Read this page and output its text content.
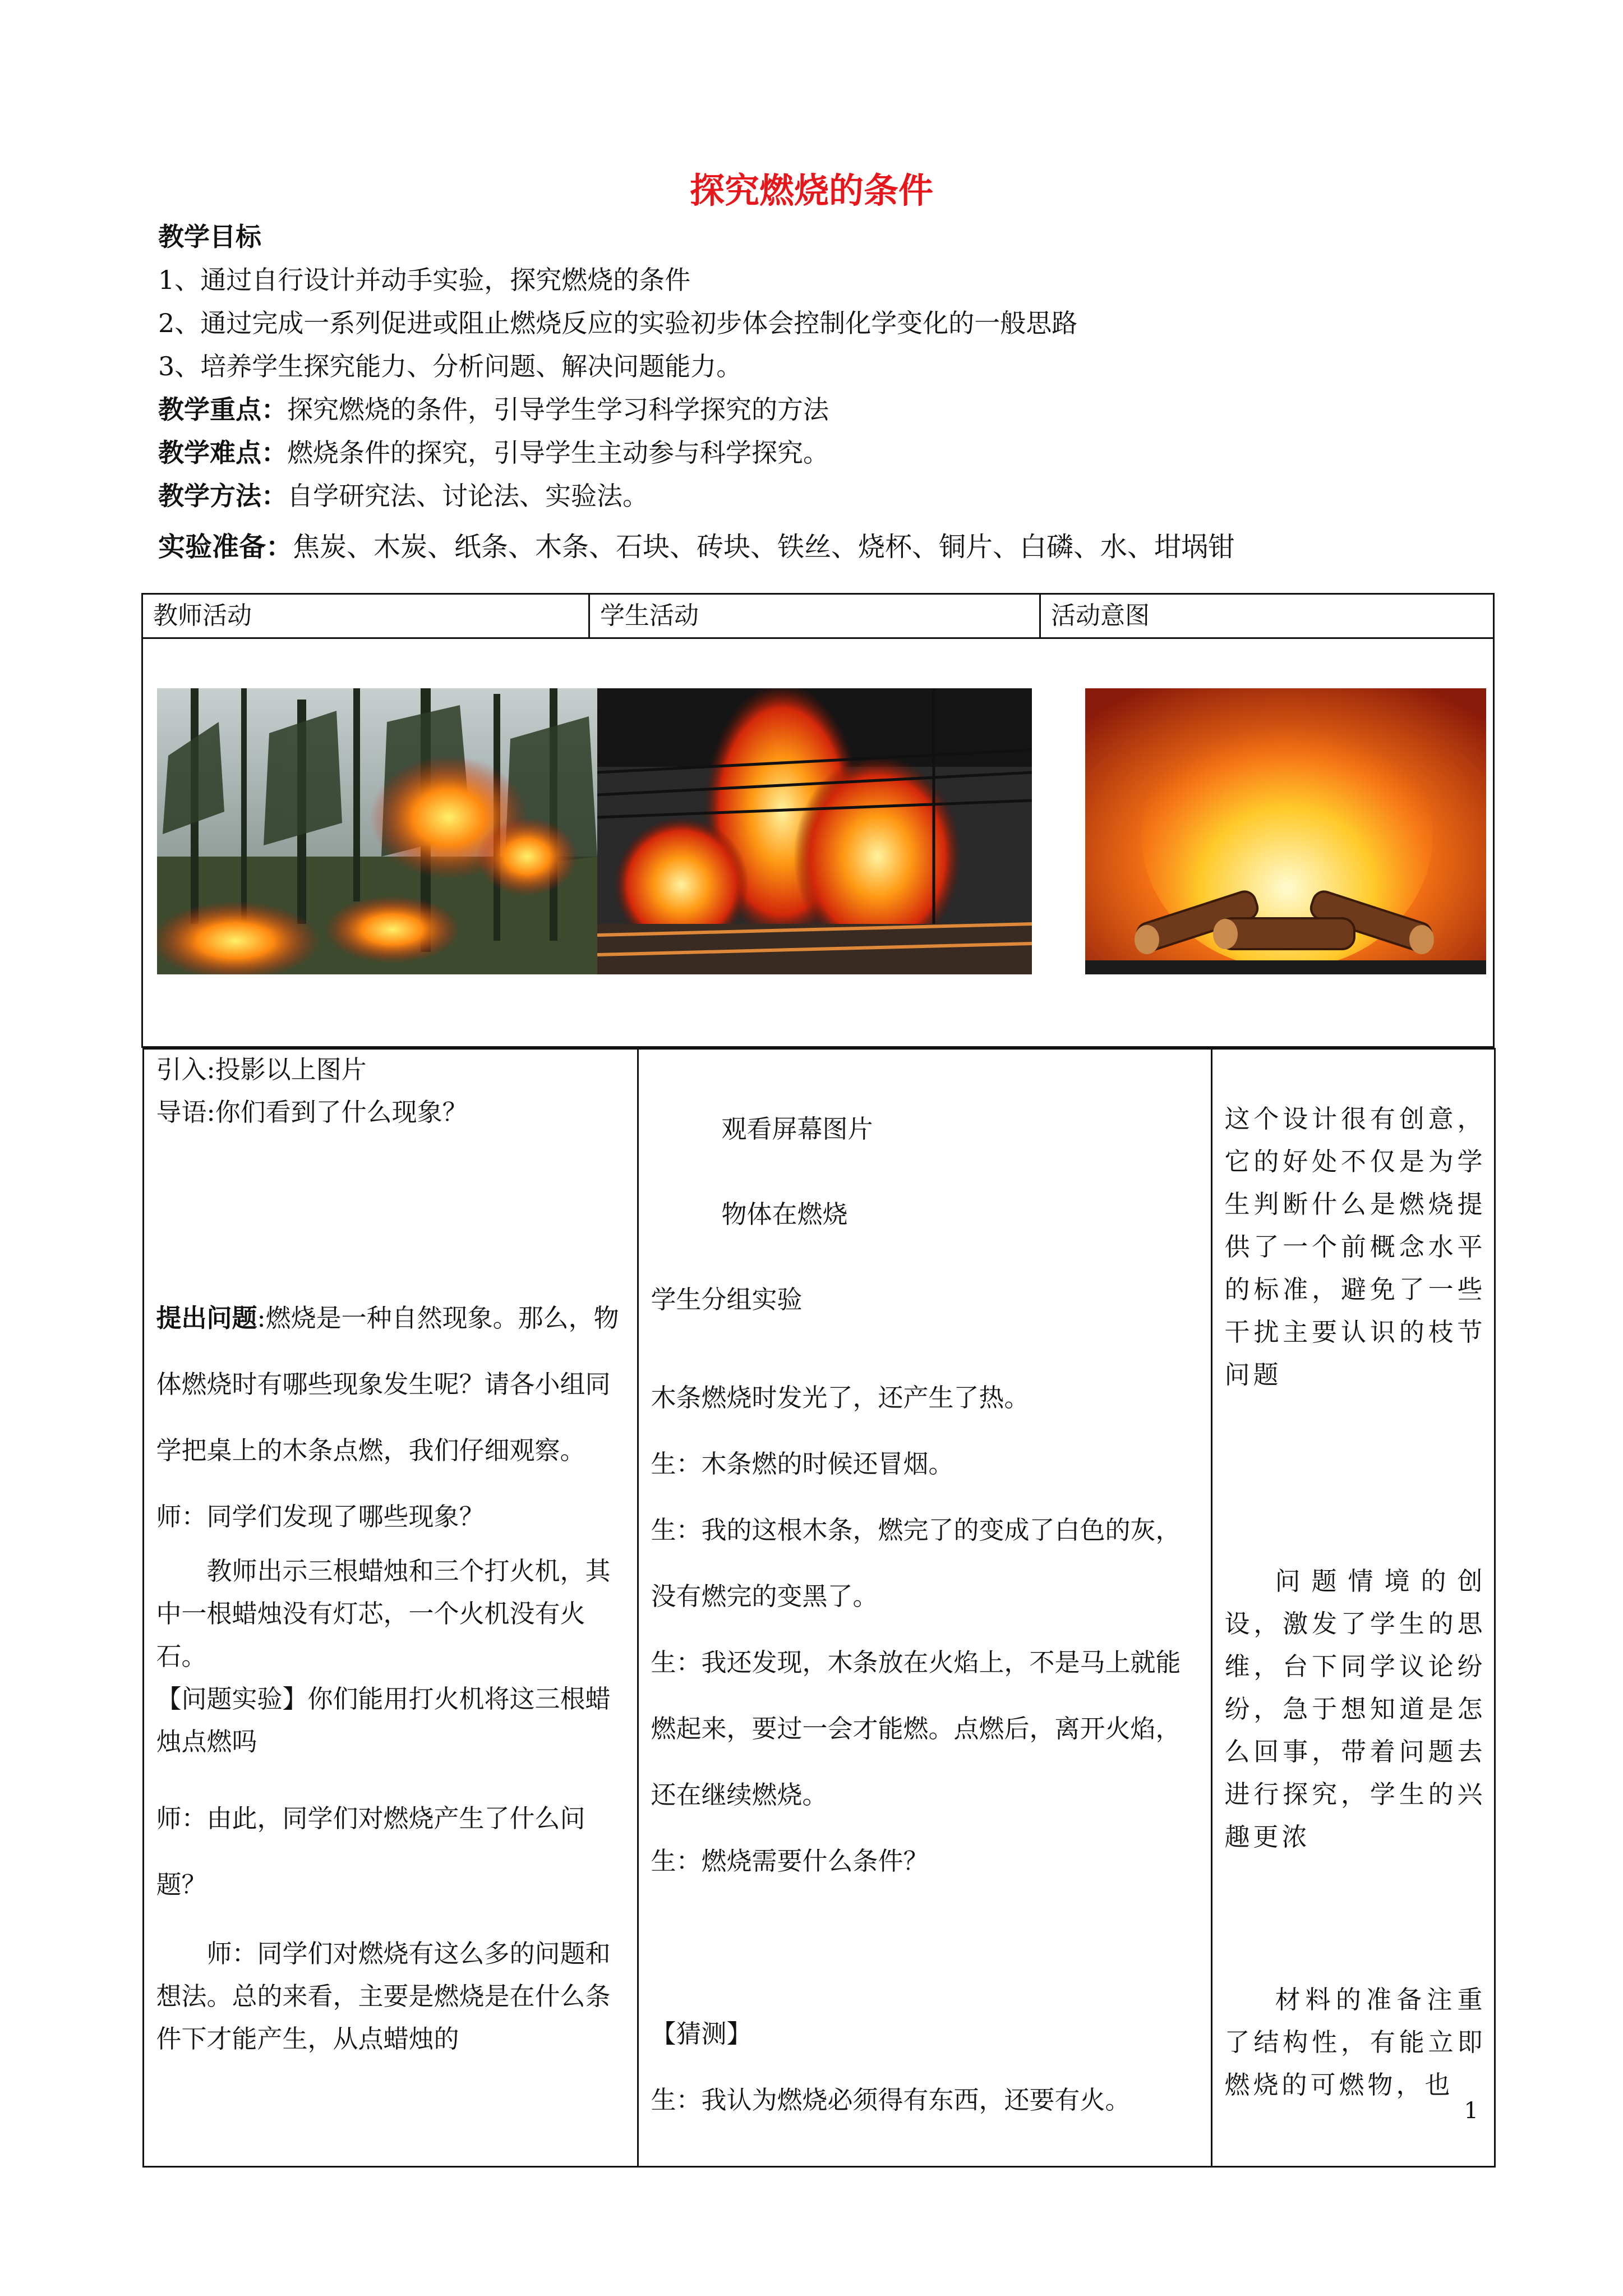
探究燃烧的条件
教学目标
1、通过自行设计并动手实验，探究燃烧的条件
2、通过完成一系列促进或阻止燃烧反应的实验初步体会控制化学变化的一般思路
3、培养学生探究能力、分析问题、解决问题能力。
教学重点：探究燃烧的条件，引导学生学习科学探究的方法
教学难点：燃烧条件的探究，引导学生主动参与科学探究。
教学方法：自学研究法、讨论法、实验法。
实验准备：焦炭、木炭、纸条、木条、石块、砖块、铁丝、烧杯、铜片、白磷、水、坩埚钳
教师活动	学生活动	活动意图

引入:投影以上图片
导语:你们看到了什么现象？
提出问题:燃烧是一种自然现象。那么，物体燃烧时有哪些现象发生呢？请各小组同学把桌上的木条点燃，我们仔细观察。
师：同学们发现了哪些现象？
教师出示三根蜡烛和三个打火机，其中一根蜡烛没有灯芯，一个火机没有火石。
【问题实验】你们能用打火机将这三根蜡烛点燃吗
师：由此，同学们对燃烧产生了什么问题？
师：同学们对燃烧有这么多的问题和想法。总的来看，主要是燃烧是在什么条件下才能产生，从点蜡烛的

观看屏幕图片
物体在燃烧
学生分组实验
木条燃烧时发光了，还产生了热。
生：木条燃的时候还冒烟。
生：我的这根木条，燃完了的变成了白色的灰，没有燃完的变黑了。
生：我还发现，木条放在火焰上，不是马上就能燃起来，要过一会才能燃。点燃后，离开火焰，还在继续燃烧。
生：燃烧需要什么条件？
【猜测】
生：我认为燃烧必须得有东西，还要有火。

这个设计很有创意，它的好处不仅是为学生判断什么是燃烧提供了一个前概念水平的标准，避免了一些干扰主要认识的枝节问题
问题情境的创设，激发了学生的思维，台下同学议论纷纷，急于想知道是怎么回事，带着问题去进行探究，学生的兴趣更浓
材料的准备注重了结构性，有能立即燃烧的可燃物，也
1
